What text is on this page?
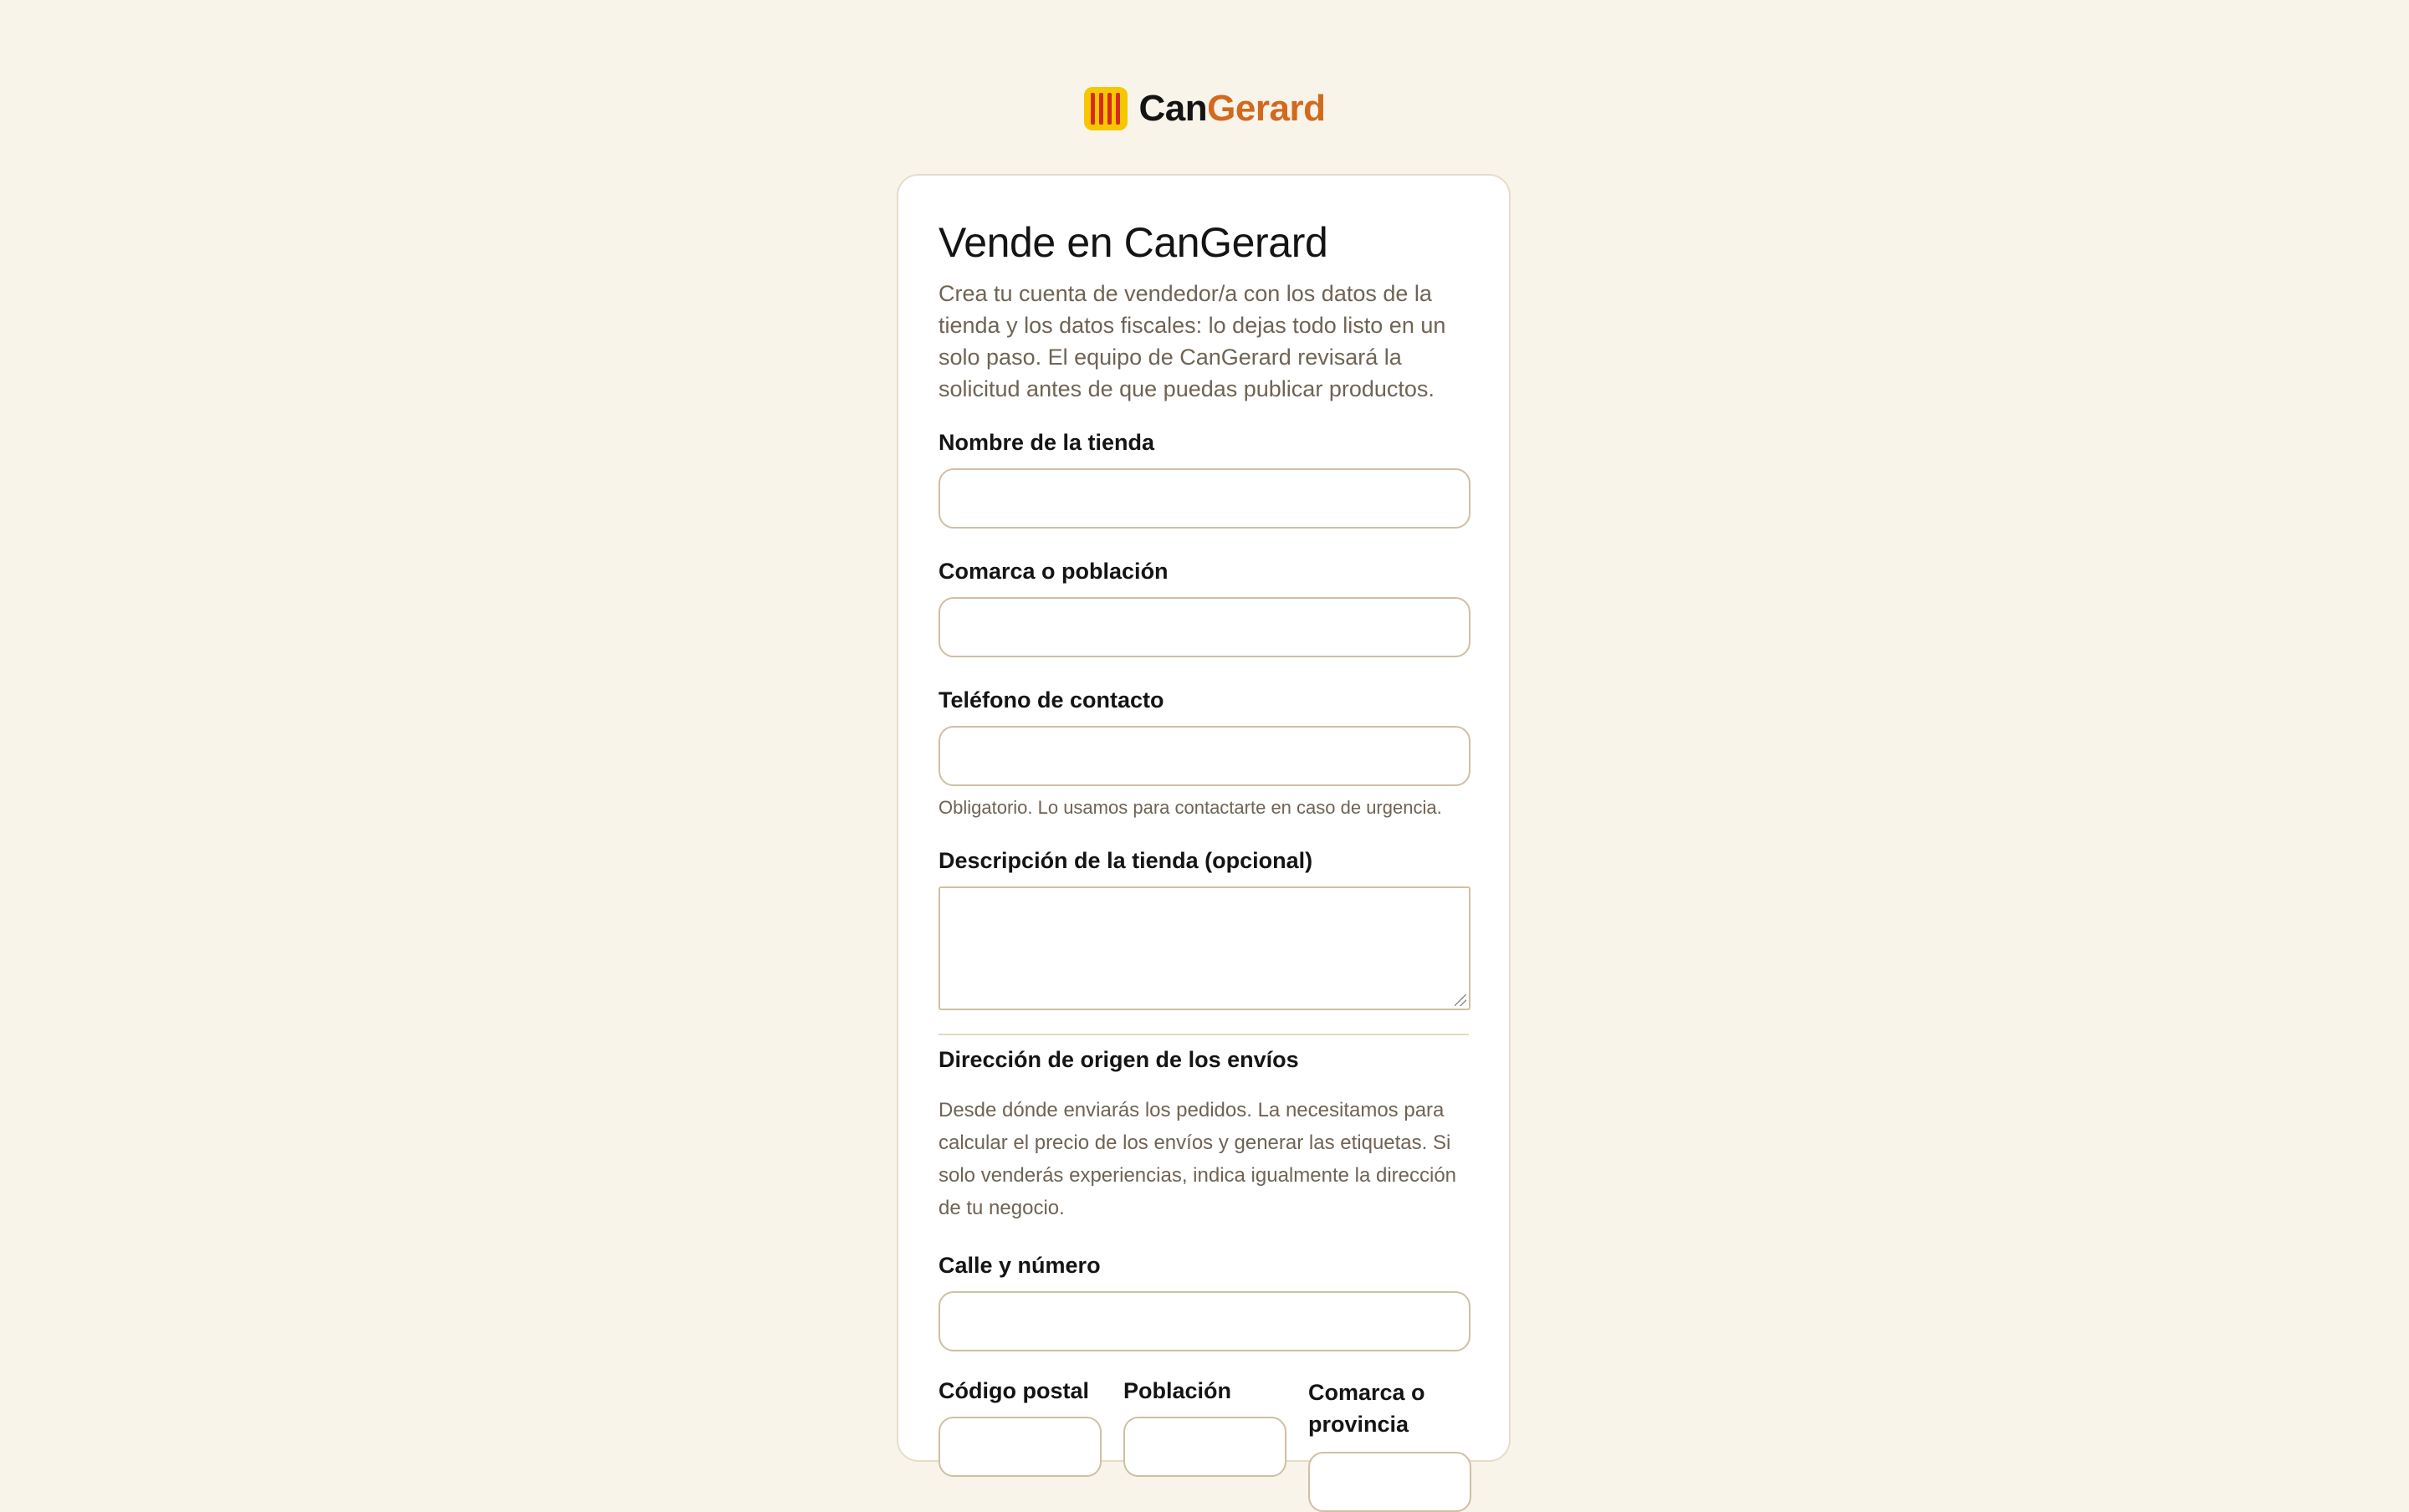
CanGerard
Vende en CanGerard

Crea tu cuenta de vendedor/a con los datos de la tienda y los datos fiscales: lo dejas todo listo en un solo paso. El equipo de CanGerard revisará la solicitud antes de que puedas publicar productos.

Nombre de la tienda
Comarca o población
Teléfono de contacto

Obligatorio. Lo usamos para contactarte en caso de urgencia.

Descripción de la tienda (opcional)
Dirección de origen de los envíos

Desde dónde enviarás los pedidos. La necesitamos para calcular el precio de los envíos y generar las etiquetas. Si solo venderás experiencias, indica igualmente la dirección de tu negocio.

Calle y número
Código postal	Población	Comarca o provincia
